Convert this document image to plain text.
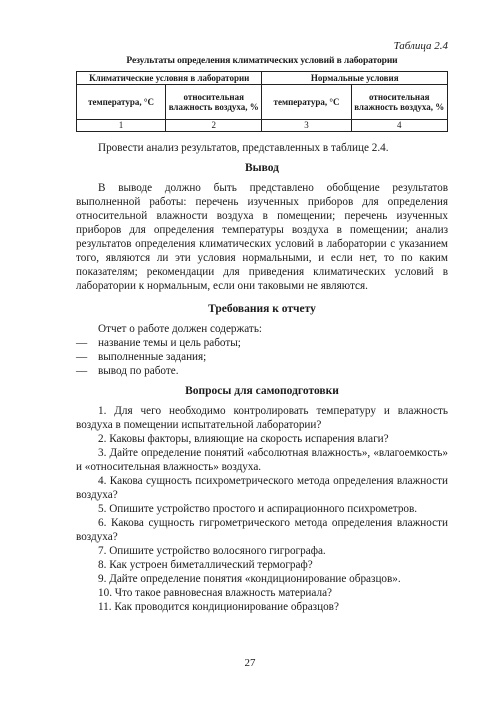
Таблица 2.4
Результаты определения климатических условий в лаборатории
Климатические условия в лаборатории		Нормальные условия	
температура, °С	относительная влажность воздуха, %	температура, °С	относительная влажность воздуха, %
1	2	3	4
Провести анализ результатов, представленных в таблице 2.4.
Вывод
В выводе должно быть представлено обобщение результатов выполненной работы: перечень изученных приборов для определения относительной влажности воздуха в помещении; перечень изученных приборов для определения температуры воздуха в помещении; анализ результатов определения климатических условий в лаборатории с указанием того, являются ли эти условия нормальными, и если нет, то по каким показателям; рекомендации для приведения климатических условий в лаборатории к нормальным, если они таковыми не являются.
Требования к отчету
Отчет о работе должен содержать:
— название темы и цель работы;
— выполненные задания;
— вывод по работе.
Вопросы для самоподготовки
1. Для чего необходимо контролировать температуру и влажность воздуха в помещении испытательной лаборатории?
2. Каковы факторы, влияющие на скорость испарения влаги?
3. Дайте определение понятий «абсолютная влажность», «влагоемкость» и «относительная влажность» воздуха.
4. Какова сущность психрометрического метода определения влажности воздуха?
5. Опишите устройство простого и аспирационного психрометров.
6. Какова сущность гигрометрического метода определения влажности воздуха?
7. Опишите устройство волосяного гигрографа.
8. Как устроен биметаллический термограф?
9. Дайте определение понятия «кондиционирование образцов».
10. Что такое равновесная влажность материала?
11. Как проводится кондиционирование образцов?
27
